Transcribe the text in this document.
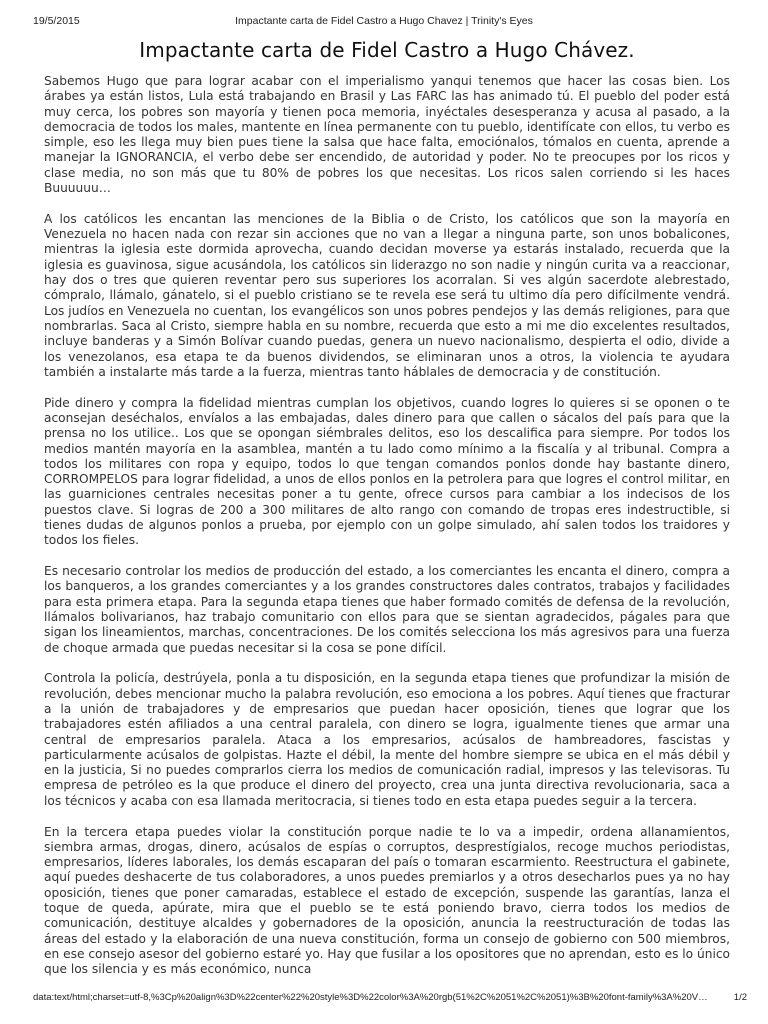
19/5/2015	Impactante carta de Fidel Castro a Hugo Chavez | Trinity's Eyes
Impactante carta de Fidel Castro a Hugo Chávez.

Sabemos Hugo que para lograr acabar con el imperialismo yanqui tenemos que hacer las cosas bien. Los árabes ya están listos, Lula está trabajando en Brasil y Las FARC las has animado tú. El pueblo del poder está muy cerca, los pobres son mayoría y tienen poca memoria, inyéctales desesperanza y acusa al pasado, a la democracia de todos los males, mantente en línea permanente con tu pueblo, identifícate con ellos, tu verbo es simple, eso les llega muy bien pues tiene la salsa que hace falta, emociónalos, tómalos en cuenta, aprende a manejar la IGNORANCIA, el verbo debe ser encendido, de autoridad y poder. No te preocupes por los ricos y clase media, no son más que tu 80% de pobres los que necesitas. Los ricos salen corriendo si les haces Buuuuuu…

A los católicos les encantan las menciones de la Biblia o de Cristo, los católicos que son la mayoría en Venezuela no hacen nada con rezar sin acciones que no van a llegar a ninguna parte, son unos bobalicones, mientras la iglesia este dormida aprovecha, cuando decidan moverse ya estarás instalado, recuerda que la iglesia es guavinosa, sigue acusándola, los católicos sin liderazgo no son nadie y ningún curita va a reaccionar, hay dos o tres que quieren reventar pero sus superiores los acorralan. Si ves algún sacerdote alebrestado, cómpralo, llámalo, gánatelo, si el pueblo cristiano se te revela ese será tu ultimo día pero difícilmente vendrá. Los judíos en Venezuela no cuentan, los evangélicos son unos pobres pendejos y las demás religiones, para que nombrarlas. Saca al Cristo, siempre habla en su nombre, recuerda que esto a mi me dio excelentes resultados, incluye banderas y a Simón Bolívar cuando puedas, genera un nuevo nacionalismo, despierta el odio, divide a los venezolanos, esa etapa te da buenos dividendos, se eliminaran unos a otros, la violencia te ayudara también a instalarte más tarde a la fuerza, mientras tanto háblales de democracia y de constitución.

Pide dinero y compra la fidelidad mientras cumplan los objetivos, cuando logres lo quieres si se oponen o te aconsejan deséchalos, envíalos a las embajadas, dales dinero para que callen o sácalos del país para que la prensa no los utilice.. Los que se opongan siémbrales delitos, eso los descalifica para siempre. Por todos los medios mantén mayoría en la asamblea, mantén a tu lado como mínimo a la fiscalía y al tribunal. Compra a todos los militares con ropa y equipo, todos lo que tengan comandos ponlos donde hay bastante dinero, CORROMPELOS para lograr fidelidad, a unos de ellos ponlos en la petrolera para que logres el control militar, en las guarniciones centrales necesitas poner a tu gente, ofrece cursos para cambiar a los indecisos de los puestos clave. Si logras de 200 a 300 militares de alto rango con comando de tropas eres indestructible, si tienes dudas de algunos ponlos a prueba, por ejemplo con un golpe simulado, ahí salen todos los traidores y todos los fieles.

Es necesario controlar los medios de producción del estado, a los comerciantes les encanta el dinero, compra a los banqueros, a los grandes comerciantes y a los grandes constructores dales contratos, trabajos y facilidades para esta primera etapa. Para la segunda etapa tienes que haber formado comités de defensa de la revolución, llámalos bolivarianos, haz trabajo comunitario con ellos para que se sientan agradecidos, págales para que sigan los lineamientos, marchas, concentraciones. De los comités selecciona los más agresivos para una fuerza de choque armada que puedas necesitar si la cosa se pone difícil.

Controla la policía, destrúyela, ponla a tu disposición, en la segunda etapa tienes que profundizar la misión de revolución, debes mencionar mucho la palabra revolución, eso emociona a los pobres. Aquí tienes que fracturar a la unión de trabajadores y de empresarios que puedan hacer oposición, tienes que lograr que los trabajadores estén afiliados a una central paralela, con dinero se logra, igualmente tienes que armar una central de empresarios paralela. Ataca a los empresarios, acúsalos de hambreadores, fascistas y particularmente acúsalos de golpistas. Hazte el débil, la mente del hombre siempre se ubica en el más débil y en la justicia, Si no puedes comprarlos cierra los medios de comunicación radial, impresos y las televisoras. Tu empresa de petróleo es la que produce el dinero del proyecto, crea una junta directiva revolucionaria, saca a los técnicos y acaba con esa llamada meritocracia, si tienes todo en esta etapa puedes seguir a la tercera.

En la tercera etapa puedes violar la constitución porque nadie te lo va a impedir, ordena allanamientos, siembra armas, drogas, dinero, acúsalos de espías o corruptos, desprestígialos, recoge muchos periodistas, empresarios, líderes laborales, los demás escaparan del país o tomaran escarmiento. Reestructura el gabinete, aquí puedes deshacerte de tus colaboradores, a unos puedes premiarlos y a otros desecharlos pues ya no hay oposición, tienes que poner camaradas, establece el estado de excepción, suspende las garantías, lanza el toque de queda, apúrate, mira que el pueblo se te está poniendo bravo, cierra todos los medios de comunicación, destituye alcaldes y gobernadores de la oposición, anuncia la reestructuración de todas las áreas del estado y la elaboración de una nueva constitución, forma un consejo de gobierno con 500 miembros, en ese consejo asesor del gobierno estaré yo. Hay que fusilar a los opositores que no aprendan, esto es lo único que los silencia y es más económico, nunca

data:text/html;charset=utf-8,%3Cp%20align%3D%22center%22%20style%3D%22color%3A%20rgb(51%2C%2051%2C%2051)%3B%20font-family%3A%20V…	1/2
